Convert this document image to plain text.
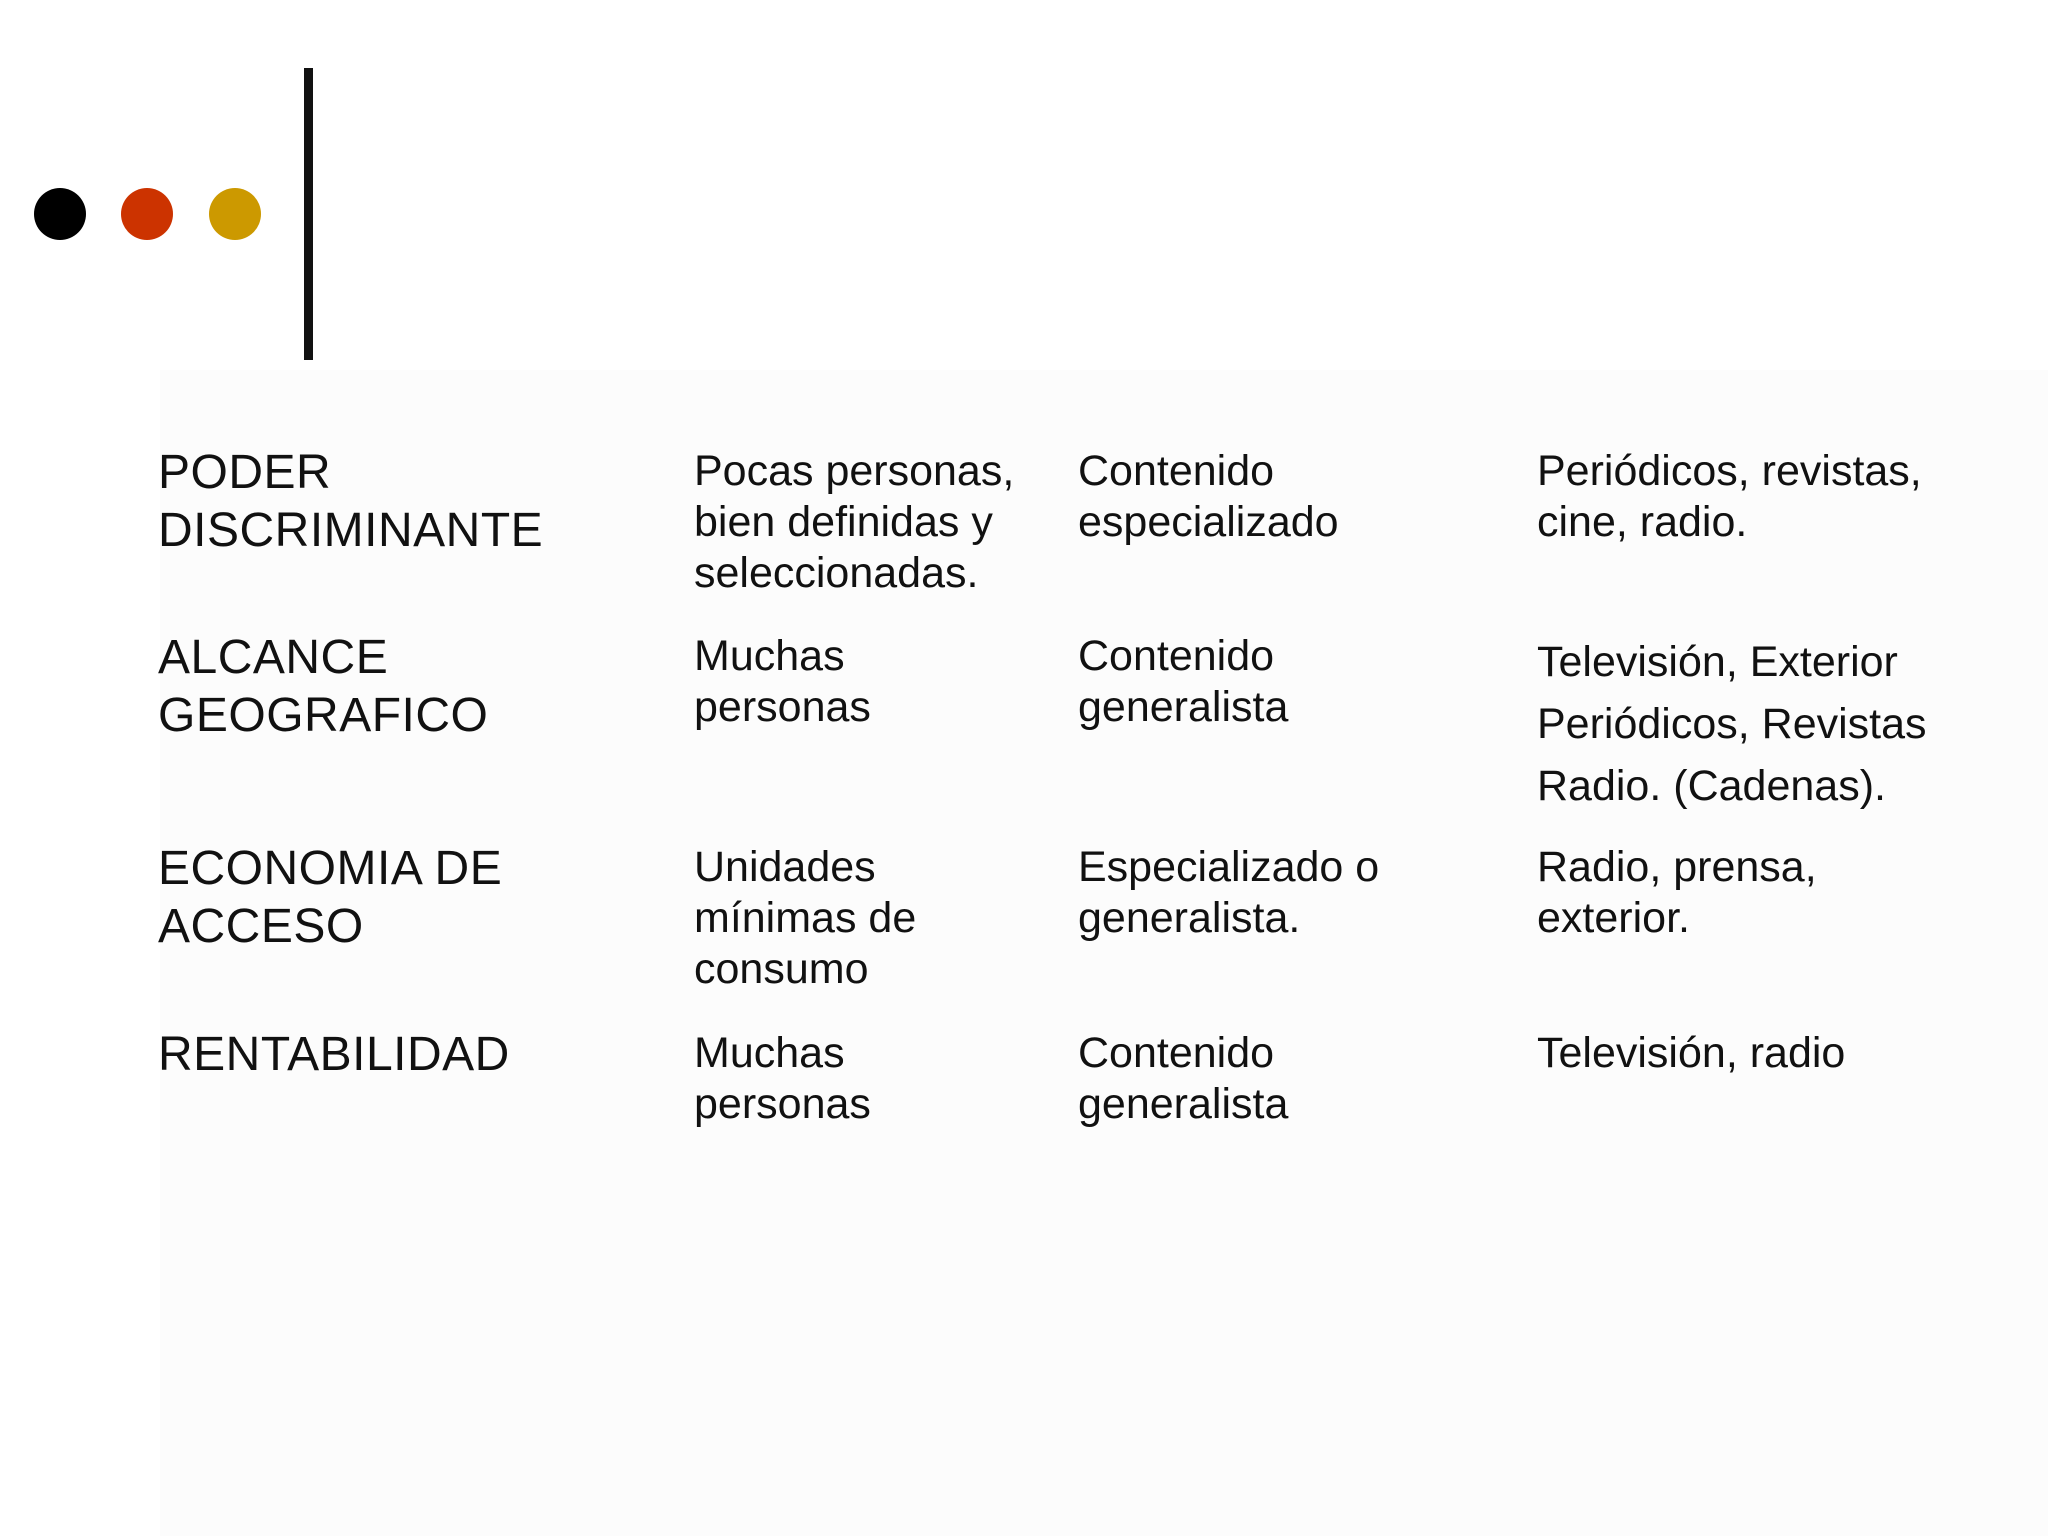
PODER
DISCRIMINANTE
Pocas personas,
bien definidas y
seleccionadas.
Contenido
especializado
Periódicos, revistas,
cine, radio.
ALCANCE
GEOGRAFICO
Muchas
personas
Contenido
generalista
Televisión, Exterior
Periódicos, Revistas
Radio. (Cadenas).
ECONOMIA DE
ACCESO
Unidades
mínimas de
consumo
Especializado o
generalista.
Radio, prensa,
exterior.
RENTABILIDAD	Muchas
personas
Contenido
generalista
Televisión, radio
